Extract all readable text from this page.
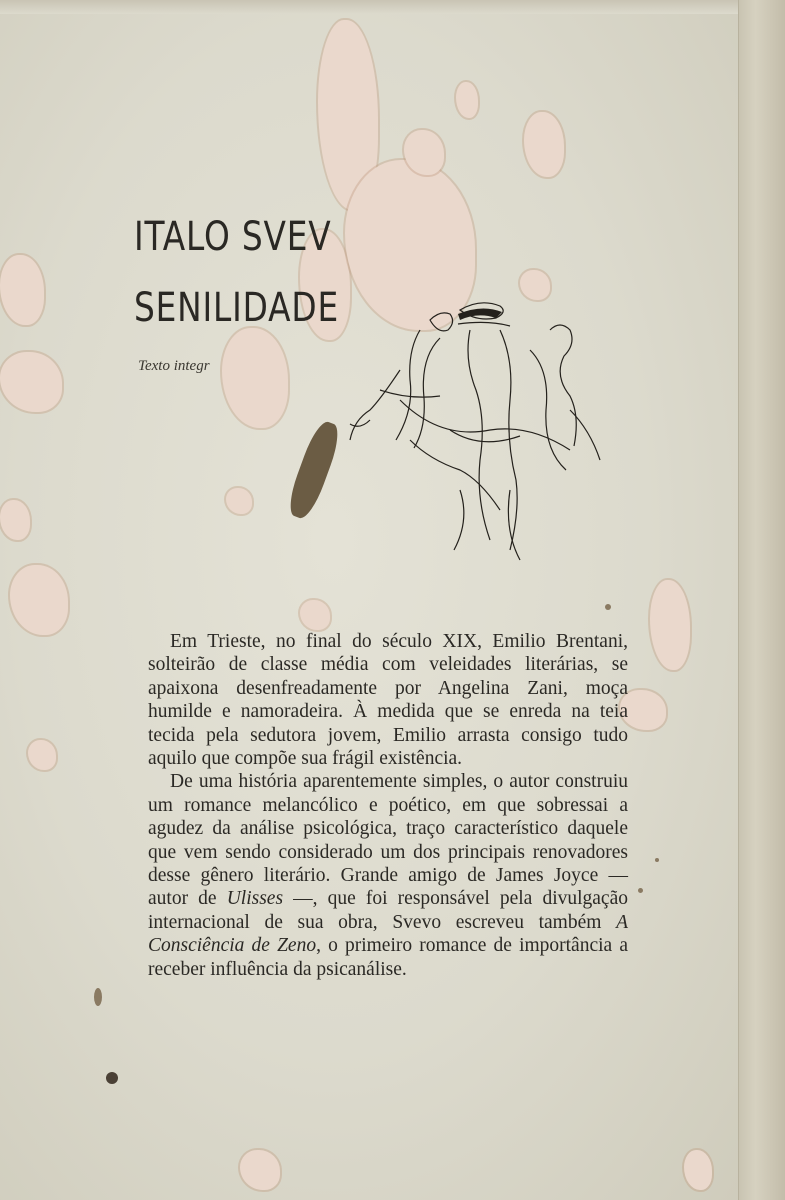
ITALO SVEV
SENILIDADE
Texto integr

Em Trieste, no final do século XIX, Emilio Brentani, solteirão de classe média com veleidades literárias, se apaixona desenfreadamente por Angelina Zani, moça humilde e namoradeira. À medida que se enreda na teia tecida pela sedutora jovem, Emilio arrasta consigo tudo aquilo que compõe sua frágil existência.

De uma história aparentemente simples, o autor construiu um romance melancólico e poético, em que sobressai a agudez da análise psicológica, traço característico daquele que vem sendo considerado um dos principais renovadores desse gênero literário. Grande amigo de James Joyce — autor de Ulisses —, que foi responsável pela divulgação internacional de sua obra, Svevo escreveu também A Consciência de Zeno, o primeiro romance de importância a receber influência da psicanálise.
